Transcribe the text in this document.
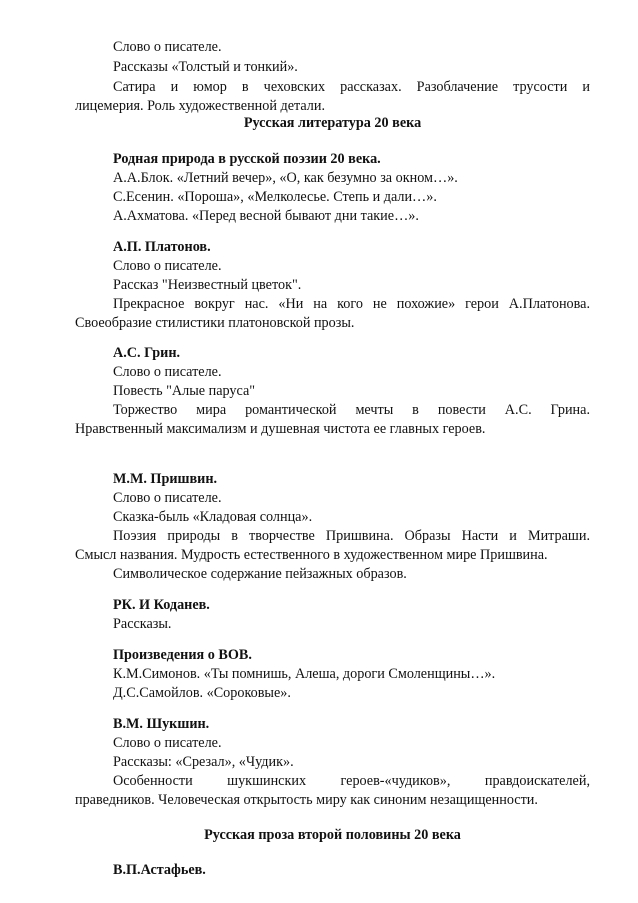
Слово о писателе.
Рассказы «Толстый и тонкий».
Сатира и юмор в чеховских рассказах. Разоблачение трусости и
лицемерия. Роль художественной детали.
Русская литература 20 века
Родная природа в русской поэзии 20 века.
А.А.Блок. «Летний вечер», «О, как безумно за окном…».
С.Есенин. «Пороша», «Мелколесье. Степь и дали…».
А.Ахматова. «Перед весной бывают дни такие…».
А.П. Платонов.
Слово о писателе.
Рассказ "Неизвестный цветок".
Прекрасное вокруг нас. «Ни на кого не похожие» герои А.Платонова.
Своеобразие стилистики платоновской прозы.
А.С. Грин.
Слово о писателе.
Повесть "Алые паруса"
Торжество мира романтической мечты в повести А.С. Грина.
Нравственный максимализм и душевная чистота ее главных героев.
М.М. Пришвин.
Слово о писателе.
Сказка-быль «Кладовая солнца».
Поэзия природы в творчестве Пришвина. Образы Насти и Митраши.
Смысл названия. Мудрость естественного в художественном мире Пришвина.
Символическое содержание пейзажных образов.
РК. И Коданев.
Рассказы.
Произведения о ВОВ.
К.М.Симонов. «Ты помнишь, Алеша, дороги Смоленщины…».
Д.С.Самойлов. «Сороковые».
В.М. Шукшин.
Слово о писателе.
Рассказы: «Срезал», «Чудик».
Особенности шукшинских героев-«чудиков», правдоискателей,
праведников. Человеческая открытость миру как синоним незащищенности.
Русская проза второй половины 20 века
В.П.Астафьев.
